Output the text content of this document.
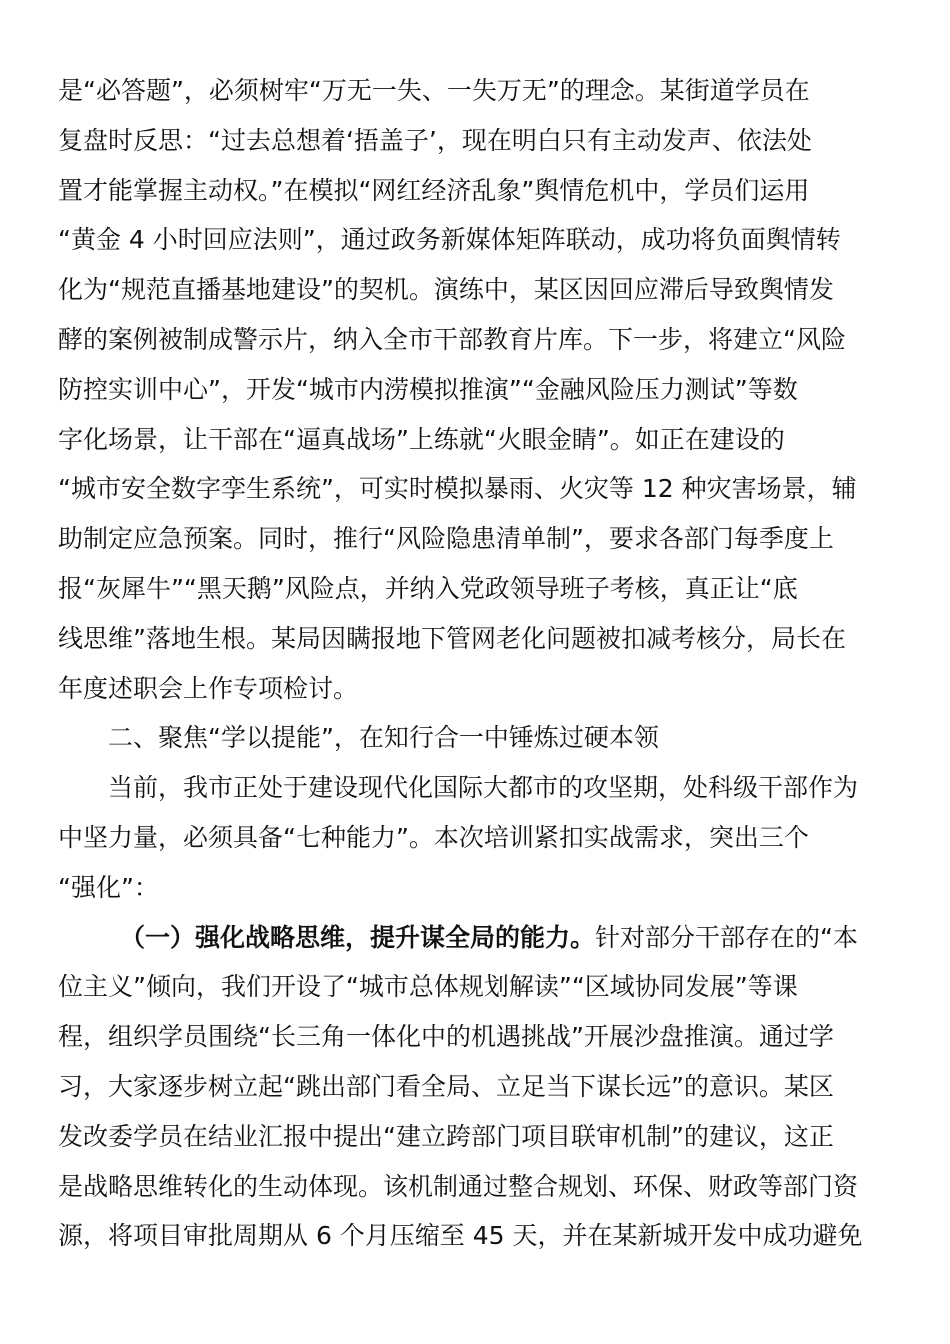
是“必答题”，必须树牢“万无一失、一失万无”的理念。某街道学员在
复盘时反思：“过去总想着‘捂盖子’，现在明白只有主动发声、依法处
置才能掌握主动权。”在模拟“网红经济乱象”舆情危机中，学员们运用
“黄金 4 小时回应法则”，通过政务新媒体矩阵联动，成功将负面舆情转
化为“规范直播基地建设”的契机。演练中，某区因回应滞后导致舆情发
酵的案例被制成警示片，纳入全市干部教育片库。下一步，将建立“风险
防控实训中心”，开发“城市内涝模拟推演”“金融风险压力测试”等数
字化场景，让干部在“逼真战场”上练就“火眼金睛”。如正在建设的
“城市安全数字孪生系统”，可实时模拟暴雨、火灾等 12 种灾害场景，辅
助制定应急预案。同时，推行“风险隐患清单制”，要求各部门每季度上
报“灰犀牛”“黑天鹅”风险点，并纳入党政领导班子考核，真正让“底
线思维”落地生根。某局因瞒报地下管网老化问题被扣减考核分，局长在
年度述职会上作专项检讨。
二、聚焦“学以提能”，在知行合一中锤炼过硬本领
当前，我市正处于建设现代化国际大都市的攻坚期，处科级干部作为
中坚力量，必须具备“七种能力”。本次培训紧扣实战需求，突出三个
“强化”：
（一）强化战略思维，提升谋全局的能力。针对部分干部存在的“本
位主义”倾向，我们开设了“城市总体规划解读”“区域协同发展”等课
程，组织学员围绕“长三角一体化中的机遇挑战”开展沙盘推演。通过学
习，大家逐步树立起“跳出部门看全局、立足当下谋长远”的意识。某区
发改委学员在结业汇报中提出“建立跨部门项目联审机制”的建议，这正
是战略思维转化的生动体现。该机制通过整合规划、环保、财政等部门资
源，将项目审批周期从 6 个月压缩至 45 天，并在某新城开发中成功避免
